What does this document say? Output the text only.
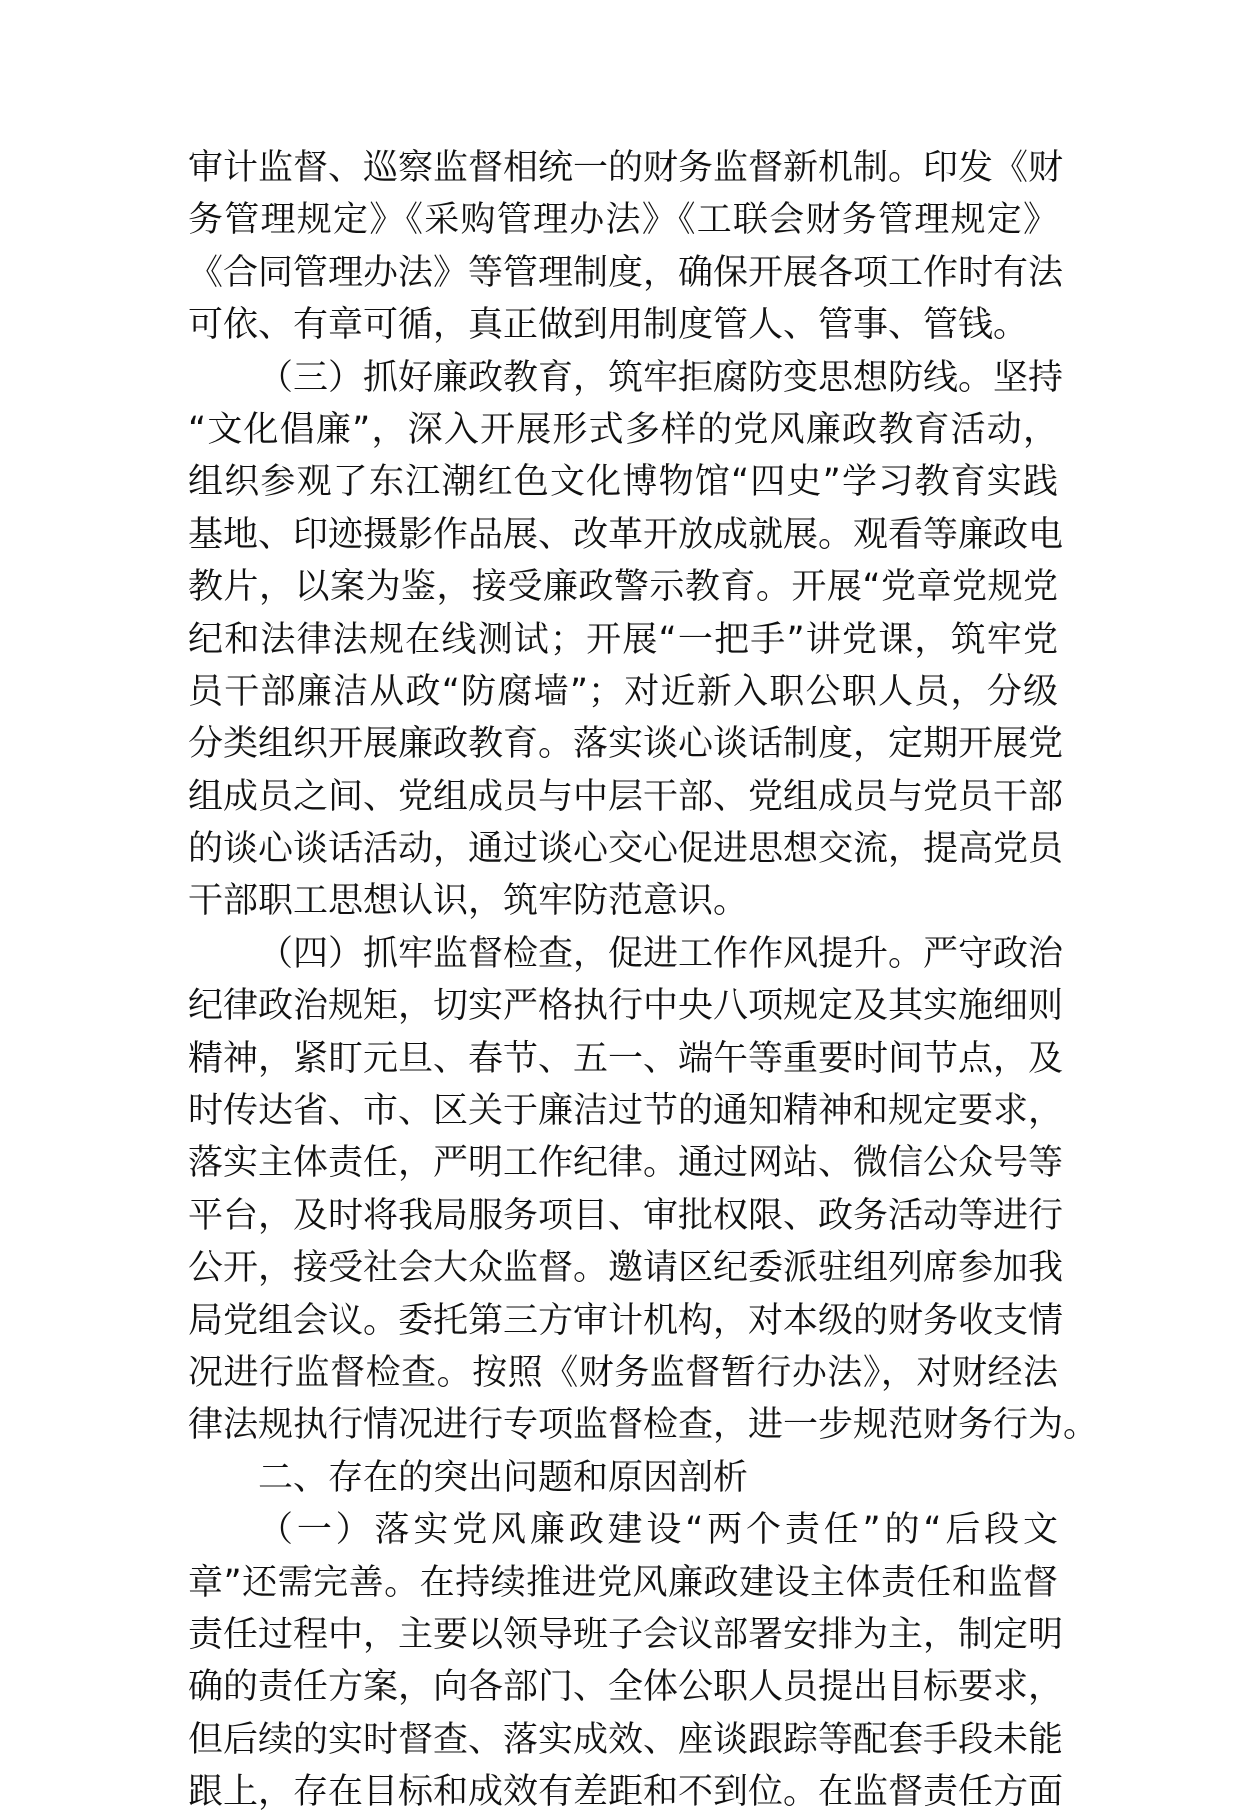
审计监督、巡察监督相统一的财务监督新机制。印发《财
务管理规定》《采购管理办法》《工联会财务管理规定》
《合同管理办法》等管理制度，确保开展各项工作时有法
可依、有章可循，真正做到用制度管人、管事、管钱。
（三）抓好廉政教育，筑牢拒腐防变思想防线。坚持
“文化倡廉”，深入开展形式多样的党风廉政教育活动，
组织参观了东江潮红色文化博物馆“四史”学习教育实践
基地、印迹摄影作品展、改革开放成就展。观看等廉政电
教片，以案为鉴，接受廉政警示教育。开展“党章党规党
纪和法律法规在线测试；开展“一把手”讲党课，筑牢党
员干部廉洁从政“防腐墙”；对近新入职公职人员，分级
分类组织开展廉政教育。落实谈心谈话制度，定期开展党
组成员之间、党组成员与中层干部、党组成员与党员干部
的谈心谈话活动，通过谈心交心促进思想交流，提高党员
干部职工思想认识，筑牢防范意识。
（四）抓牢监督检查，促进工作作风提升。严守政治
纪律政治规矩，切实严格执行中央八项规定及其实施细则
精神，紧盯元旦、春节、五一、端午等重要时间节点，及
时传达省、市、区关于廉洁过节的通知精神和规定要求，
落实主体责任，严明工作纪律。通过网站、微信公众号等
平台，及时将我局服务项目、审批权限、政务活动等进行
公开，接受社会大众监督。邀请区纪委派驻组列席参加我
局党组会议。委托第三方审计机构，对本级的财务收支情
况进行监督检查。按照《财务监督暂行办法》，对财经法
律法规执行情况进行专项监督检查，进一步规范财务行为。
二、存在的突出问题和原因剖析
（一）落实党风廉政建设“两个责任”的“后段文
章”还需完善。在持续推进党风廉政建设主体责任和监督
责任过程中，主要以领导班子会议部署安排为主，制定明
确的责任方案，向各部门、全体公职人员提出目标要求，
但后续的实时督查、落实成效、座谈跟踪等配套手段未能
跟上，存在目标和成效有差距和不到位。在监督责任方面
